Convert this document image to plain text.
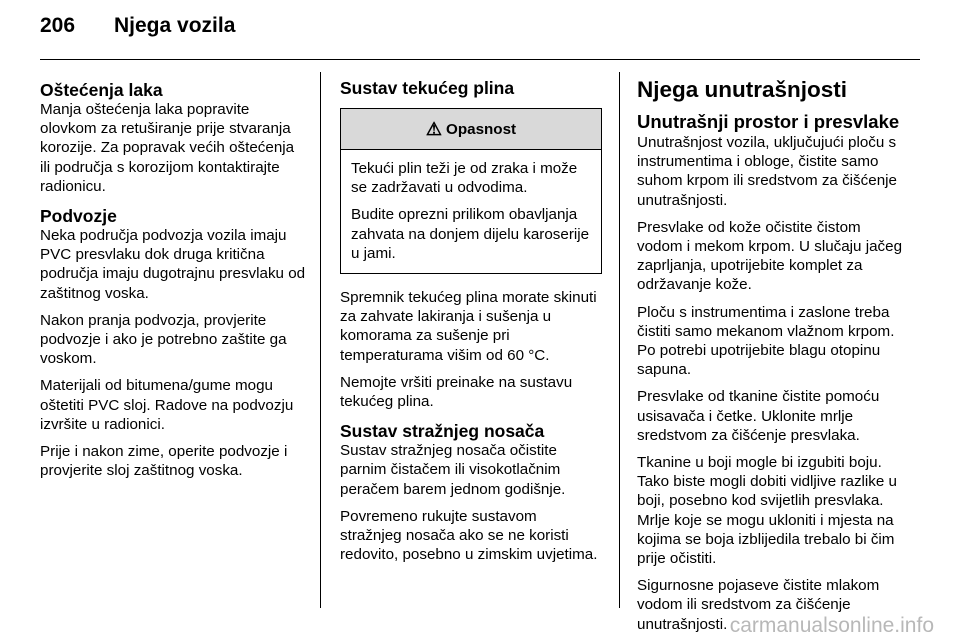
206	Njega vozila
Oštećenja laka

Manja oštećenja laka popravite olovkom za retuširanje prije stvaranja korozije. Za popravak većih oštećenja ili područja s korozijom kontaktirajte radionicu.

Podvozje

Neka područja podvozja vozila imaju PVC presvlaku dok druga kritična područja imaju dugotrajnu presvlaku od zaštitnog voska.

Nakon pranja podvozja, provjerite podvozje i ako je potrebno zaštite ga voskom.

Materijali od bitumena/gume mogu oštetiti PVC sloj. Radove na podvozju izvršite u radionici.

Prije i nakon zime, operite podvozje i provjerite sloj zaštitnog voska.

Sustav tekućeg plina
⚠ Opasnost

Tekući plin teži je od zraka i može se zadržavati u odvodima.

Budite oprezni prilikom obavljanja zahvata na donjem dijelu karoserije u jami.

Spremnik tekućeg plina morate skinuti za zahvate lakiranja i sušenja u komorama za sušenje pri temperaturama višim od 60 °C.

Nemojte vršiti preinake na sustavu tekućeg plina.

Sustav stražnjeg nosača

Sustav stražnjeg nosača očistite parnim čistačem ili visokotlačnim peračem barem jednom godišnje.

Povremeno rukujte sustavom stražnjeg nosača ako se ne koristi redovito, posebno u zimskim uvjetima.

Njega unutrašnjosti
Unutrašnji prostor i presvlake

Unutrašnjost vozila, uključujući ploču s instrumentima i obloge, čistite samo suhom krpom ili sredstvom za čišćenje unutrašnjosti.

Presvlake od kože očistite čistom vodom i mekom krpom. U slučaju jačeg zaprljanja, upotrijebite komplet za održavanje kože.

Ploču s instrumentima i zaslone treba čistiti samo mekanom vlažnom krpom. Po potrebi upotrijebite blagu otopinu sapuna.

Presvlake od tkanine čistite pomoću usisavača i četke. Uklonite mrlje sredstvom za čišćenje presvlaka.

Tkanine u boji mogle bi izgubiti boju. Tako biste mogli dobiti vidljive razlike u boji, posebno kod svijetlih presvlaka. Mrlje koje se mogu ukloniti i mjesta na kojima se boja izblijedila trebalo bi čim prije očistiti.

Sigurnosne pojaseve čistite mlakom vodom ili sredstvom za čišćenje unutrašnjosti. carmanualsonline.info
